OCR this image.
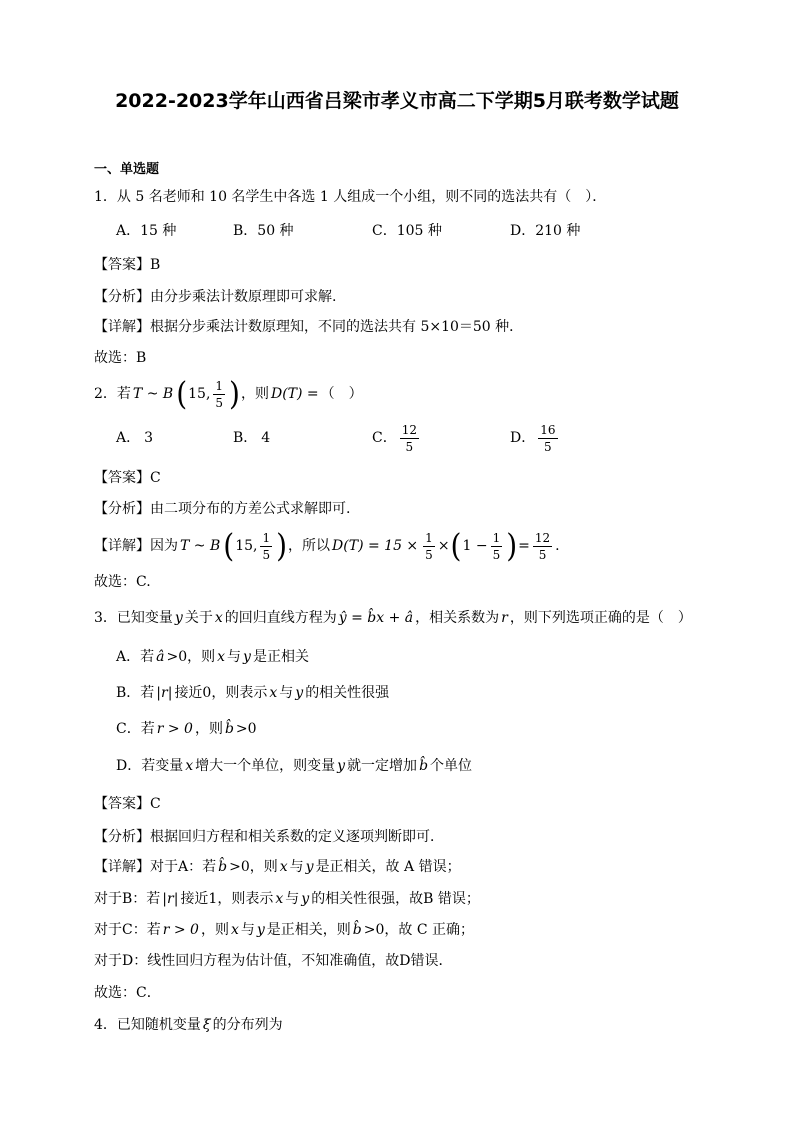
2022-2023学年山西省吕梁市孝义市高二下学期5月联考数学试题
一、单选题
1．从 5 名老师和 10 名学生中各选 1 人组成一个小组，则不同的选法共有（　）．
A．15 种	B．50 种	C．105 种	D．210 种
【答案】 B
【分析】 由分步乘法计数原理即可求解.
【详解】 根据分步乘法计数原理知，不同的选法共有 5×10＝50 种．
故选：B
2．若 T ~ B ( 15, $\frac{1}{5}$ ) ，则 D(T) = （　）
A． 3	B． 4	C． $\frac{12}{5}$	D． $\frac{16}{5}$
【答案】 C
【分析】 由二项分布的方差公式求解即可.
【详解】 因为 T ~ B ( 15, $\frac{1}{5}$ ) ，所以 $D(T) = 15 \times \frac{1}{5}$ × ( $1 - \frac{1}{5}$ ) = $\frac{12}{5}$ .
故选：C.
3．已知变量 y 关于 x 的回归直线方程为 ŷ = b̂x + â ，相关系数为 r ，则下列选项正确的是（　）
A．若 â >0，则 x 与 y 是正相关
B．若 |r| 接近0，则表示 x 与 y 的相关性很强
C．若 r > 0 ，则 b̂ >0
D．若变量 x 增大一个单位，则变量 y 就一定增加 b̂ 个单位
【答案】 C
【分析】 根据回归方程和相关系数的定义逐项判断即可．
【详解】 对于A：若 b̂ >0，则 x 与 y 是正相关，故 A 错误；
对于B：若 |r| 接近1，则表示 x 与 y 的相关性很强，故B 错误；
对于C：若 r > 0 ，则 x 与 y 是正相关，则 b̂ >0，故 C 正确；
对于D：线性回归方程为估计值，不知准确值，故D错误．
故选：C．
4．已知随机变量 ξ 的分布列为
